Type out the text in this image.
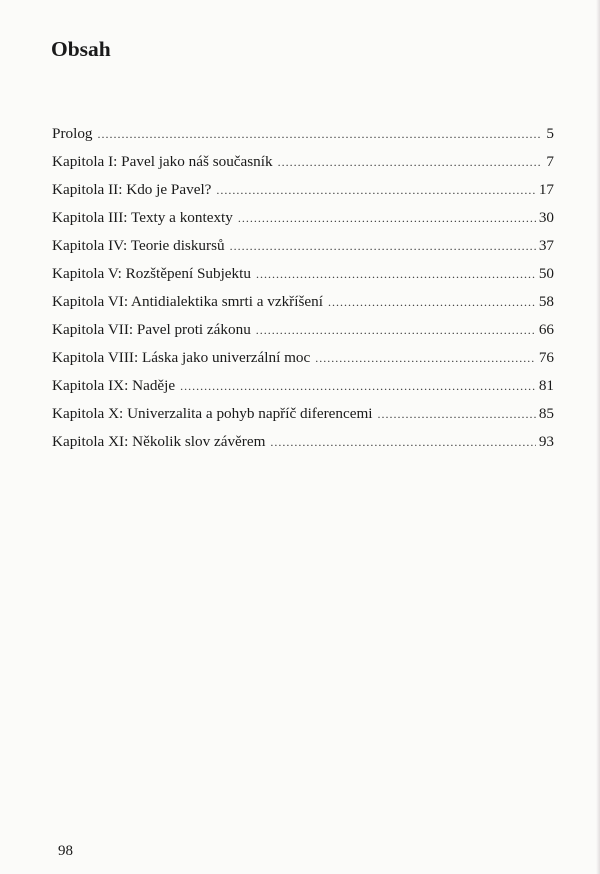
Obsah
Prolog .....	5
Kapitola I: Pavel jako náš současník .....	7
Kapitola II: Kdo je Pavel? .....	17
Kapitola III: Texty a kontexty .....	30
Kapitola IV: Teorie diskursů .....	37
Kapitola V: Rozštěpení Subjektu .....	50
Kapitola VI: Antidialektika smrti a vzkříšení .....	58
Kapitola VII: Pavel proti zákonu .....	66
Kapitola VIII: Láska jako univerzální moc .....	76
Kapitola IX: Naděje .....	81
Kapitola X: Univerzalita a pohyb napříč diferencemi .....	85
Kapitola XI: Několik slov závěrem .....	93
98
